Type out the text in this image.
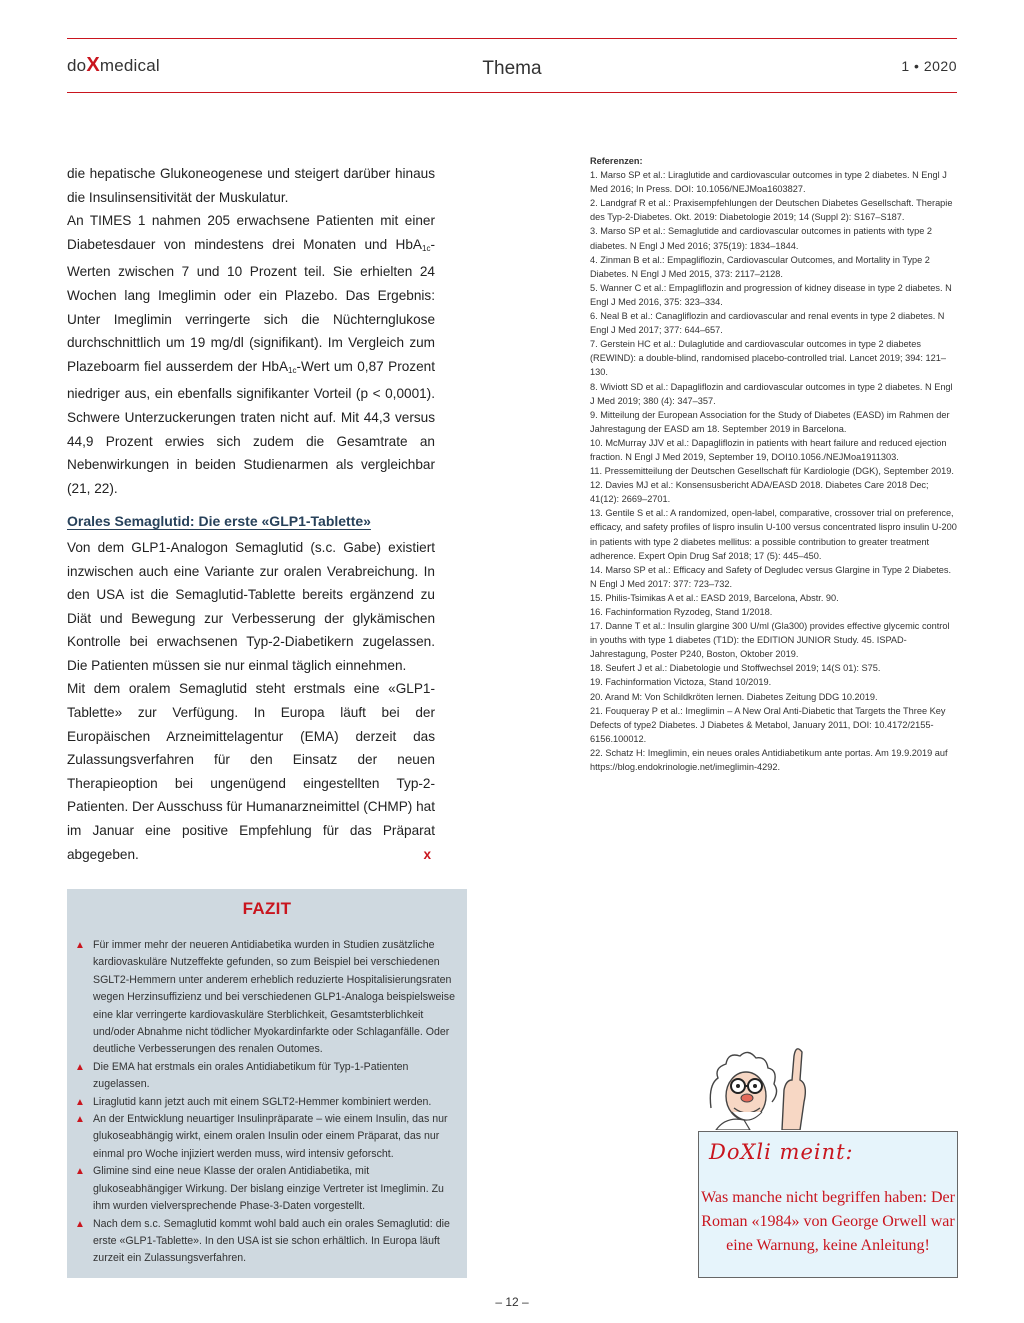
doXmedical	Thema	1 • 2020

die hepatische Glukoneogenese und steigert darüber hinaus die Insulinsensitivität der Muskulatur.

An TIMES 1 nahmen 205 erwachsene Patienten mit einer Diabetesdauer von mindestens drei Monaten und HbA$_{1c}$-Werten zwischen 7 und 10 Prozent teil. Sie erhielten 24 Wochen lang Imeglimin oder ein Plazebo. Das Ergebnis: Unter Imeglimin verringerte sich die Nüchternglukose durchschnittlich um 19 mg/dl (signifikant). Im Vergleich zum Plazeboarm fiel ausserdem der HbA$_{1c}$-Wert um 0,87 Prozent niedriger aus, ein ebenfalls signifikanter Vorteil (p < 0,0001). Schwere Unterzuckerungen traten nicht auf. Mit 44,3 versus 44,9 Prozent erwies sich zudem die Gesamtrate an Nebenwirkungen in beiden Studienarmen als vergleichbar (21, 22).

Orales Semaglutid: Die erste «GLP1-Tablette»

Von dem GLP1-Analogon Semaglutid (s.c. Gabe) existiert inzwischen auch eine Variante zur oralen Verabreichung. In den USA ist die Semaglutid-Tablette bereits ergänzend zu Diät und Bewegung zur Verbesserung der glykämischen Kontrolle bei erwachsenen Typ-2-Diabetikern zugelassen. Die Patienten müssen sie nur einmal täglich einnehmen.

Mit dem oralem Semaglutid steht erstmals eine «GLP1-Tablette» zur Verfügung. In Europa läuft bei der Europäischen Arzneimittelagentur (EMA) derzeit das Zulassungsverfahren für den Einsatz der neuen Therapieoption bei ungenügend eingestellten Typ-2-Patienten. Der Ausschuss für Humanarzneimittel (CHMP) hat im Januar eine positive Empfehlung für das Präparat abgegeben.	x

Referenzen:
1. Marso SP et al.: Liraglutide and cardiovascular outcomes in type 2 diabetes. N Engl J Med 2016; In Press. DOI: 10.1056/NEJMoa1603827.
2. Landgraf R et al.: Praxisempfehlungen der Deutschen Diabetes Gesellschaft. Therapie des Typ-2-Diabetes. Okt. 2019: Diabetologie 2019; 14 (Suppl 2): S167–S187.
3. Marso SP et al.: Semaglutide and cardiovascular outcomes in patients with type 2 diabetes. N Engl J Med 2016; 375(19): 1834–1844.
4. Zinman B et al.: Empagliflozin, Cardiovascular Outcomes, and Mortality in Type 2 Diabetes. N Engl J Med 2015, 373: 2117–2128.
5. Wanner C et al.: Empagliflozin and progression of kidney disease in type 2 diabetes. N Engl J Med 2016, 375: 323–334.
6. Neal B et al.: Canagliflozin and cardiovascular and renal events in type 2 diabetes. N Engl J Med 2017; 377: 644–657.
7. Gerstein HC et al.: Dulaglutide and cardiovascular outcomes in type 2 diabetes (REWIND): a double-blind, randomised placebo-controlled trial. Lancet 2019; 394: 121–130.
8. Wiviott SD et al.: Dapagliflozin and cardiovascular outcomes in type 2 diabetes. N Engl J Med 2019; 380 (4): 347–357.
9. Mitteilung der European Association for the Study of Diabetes (EASD) im Rahmen der Jahrestagung der EASD am 18. September 2019 in Barcelona.
10. McMurray JJV et al.: Dapagliflozin in patients with heart failure and reduced ejection fraction. N Engl J Med 2019, September 19, DOI10.1056./NEJMoa1911303.
11. Pressemitteilung der Deutschen Gesellschaft für Kardiologie (DGK), September 2019.
12. Davies MJ et al.: Konsensusbericht ADA/EASD 2018. Diabetes Care 2018 Dec; 41(12): 2669–2701.
13. Gentile S et al.: A randomized, open-label, comparative, crossover trial on preference, efficacy, and safety profiles of lispro insulin U-100 versus concentrated lispro insulin U-200 in patients with type 2 diabetes mellitus: a possible contribution to greater treatment adherence. Expert Opin Drug Saf 2018; 17 (5): 445–450.
14. Marso SP et al.: Efficacy and Safety of Degludec versus Glargine in Type 2 Diabetes. N Engl J Med 2017: 377: 723–732.
15. Philis-Tsimikas A et al.: EASD 2019, Barcelona, Abstr. 90.
16. Fachinformation Ryzodeg, Stand 1/2018.
17. Danne T et al.: Insulin glargine 300 U/ml (Gla300) provides effective glycemic control in youths with type 1 diabetes (T1D): the EDITION JUNIOR Study. 45. ISPAD-Jahrestagung, Poster P240, Boston, Oktober 2019.
18. Seufert J et al.: Diabetologie und Stoffwechsel 2019; 14(S 01): S75.
19. Fachinformation Victoza, Stand 10/2019.
20. Arand M: Von Schildkröten lernen. Diabetes Zeitung DDG 10.2019.
21. Fouqueray P et al.: Imeglimin – A New Oral Anti-Diabetic that Targets the Three Key Defects of type2 Diabetes. J Diabetes & Metabol, January 2011, DOI: 10.4172/2155-6156.100012.
22. Schatz H: Imeglimin, ein neues orales Antidiabetikum ante portas. Am 19.9.2019 auf https://blog.endokrinologie.net/imeglimin-4292.
FAZIT
▲ Für immer mehr der neueren Antidiabetika wurden in Studien zusätzliche kardiovaskuläre Nutzeffekte gefunden, so zum Beispiel bei verschiedenen SGLT2-Hemmern unter anderem erheblich reduzierte Hospitalisierungsraten wegen Herzinsuffizienz und bei verschiedenen GLP1-Analoga beispielsweise eine klar verringerte kardiovaskuläre Sterblichkeit, Gesamtsterblichkeit und/oder Abnahme nicht tödlicher Myokardinfarkte oder Schlaganfälle. Oder deutliche Verbesserungen des renalen Outomes.
▲ Die EMA hat erstmals ein orales Antidiabetikum für Typ-1-Patienten zugelassen.
▲ Liraglutid kann jetzt auch mit einem SGLT2-Hemmer kombiniert werden.
▲ An der Entwicklung neuartiger Insulinpräparate – wie einem Insulin, das nur glukoseabhängig wirkt, einem oralen Insulin oder einem Präparat, das nur einmal pro Woche injiziert werden muss, wird intensiv geforscht.
▲ Glimine sind eine neue Klasse der oralen Antidiabetika, mit glukoseabhängiger Wirkung. Der bislang einzige Vertreter ist Imeglimin. Zu ihm wurden vielversprechende Phase-3-Daten vorgestellt.
▲ Nach dem s.c. Semaglutid kommt wohl bald auch ein orales Semaglutid: die erste «GLP1-Tablette». In den USA ist sie schon erhältlich. In Europa läuft zurzeit ein Zulassungsverfahren.
DoXli meint:
Was manche nicht begriffen haben: Der Roman «1984» von George Orwell war eine Warnung, keine Anleitung!
– 12 –
